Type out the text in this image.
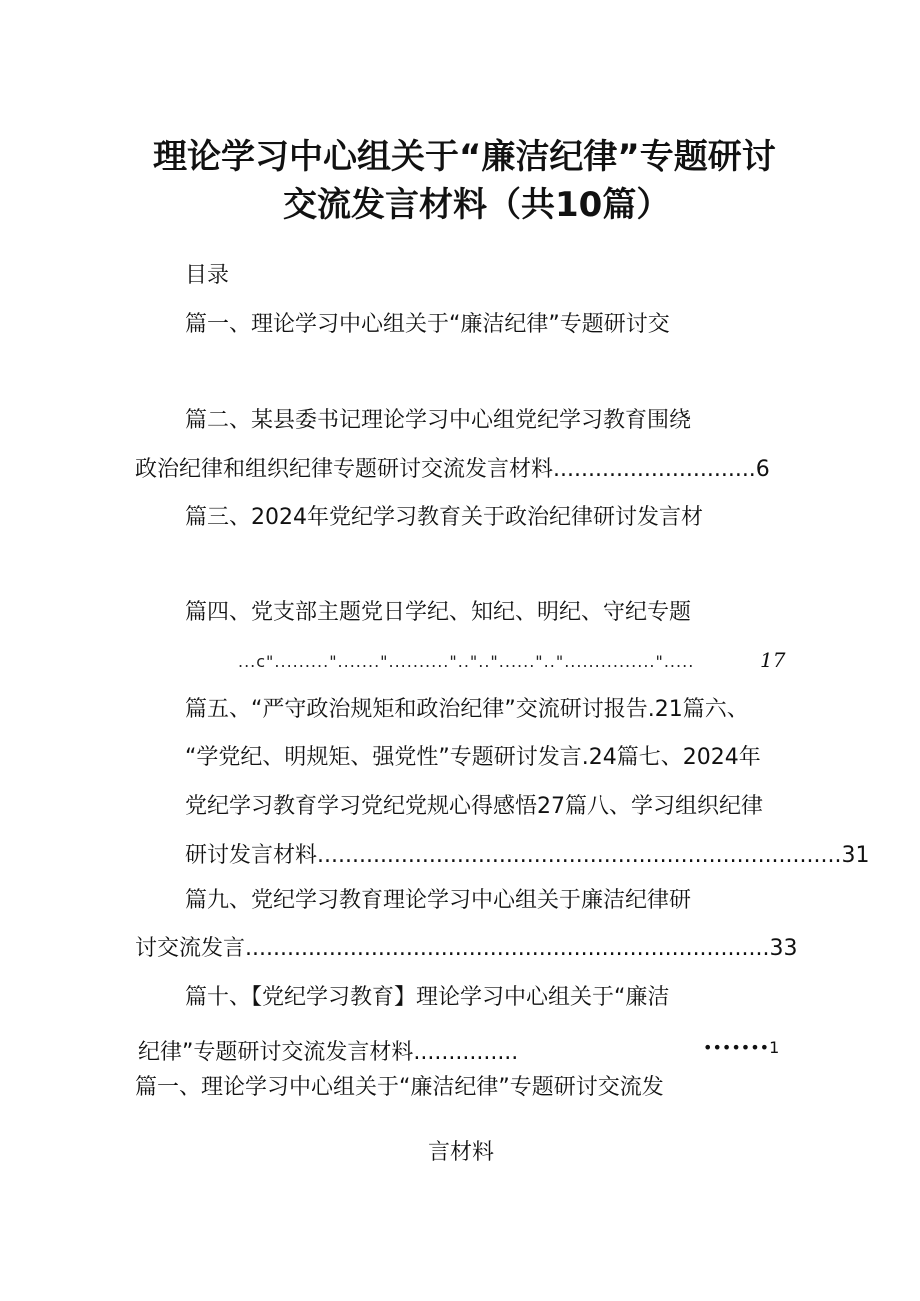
理论学习中心组关于“廉洁纪律”专题研讨
交流发言材料（共10篇）
目录
篇一、理论学习中心组关于“廉洁纪律”专题研讨交
篇二、某县委书记理论学习中心组党纪学习教育围绕
政治纪律和组织纪律专题研讨交流发言材料.............................6
篇三、2024年党纪学习教育关于政治纪律研讨发言材
篇四、党支部主题党日学纪、知纪、明纪、守纪专题
...c".........".......".........."..".."......".."...............".....	17
篇五、“严守政治规矩和政治纪律”交流研讨报告.21篇六、
“学党纪、明规矩、强党性”专题研讨发言.24篇七、2024年
党纪学习教育学习党纪党规心得感悟27篇八、学习组织纪律
研讨发言材料...........................................................................31
篇九、党纪学习教育理论学习中心组关于廉洁纪律研
讨交流发言...........................................................................33
篇十、【党纪学习教育】理论学习中心组关于“廉洁
纪律”专题研讨交流发言材料...............	•••••••1
篇一、理论学习中心组关于“廉洁纪律”专题研讨交流发
言材料
